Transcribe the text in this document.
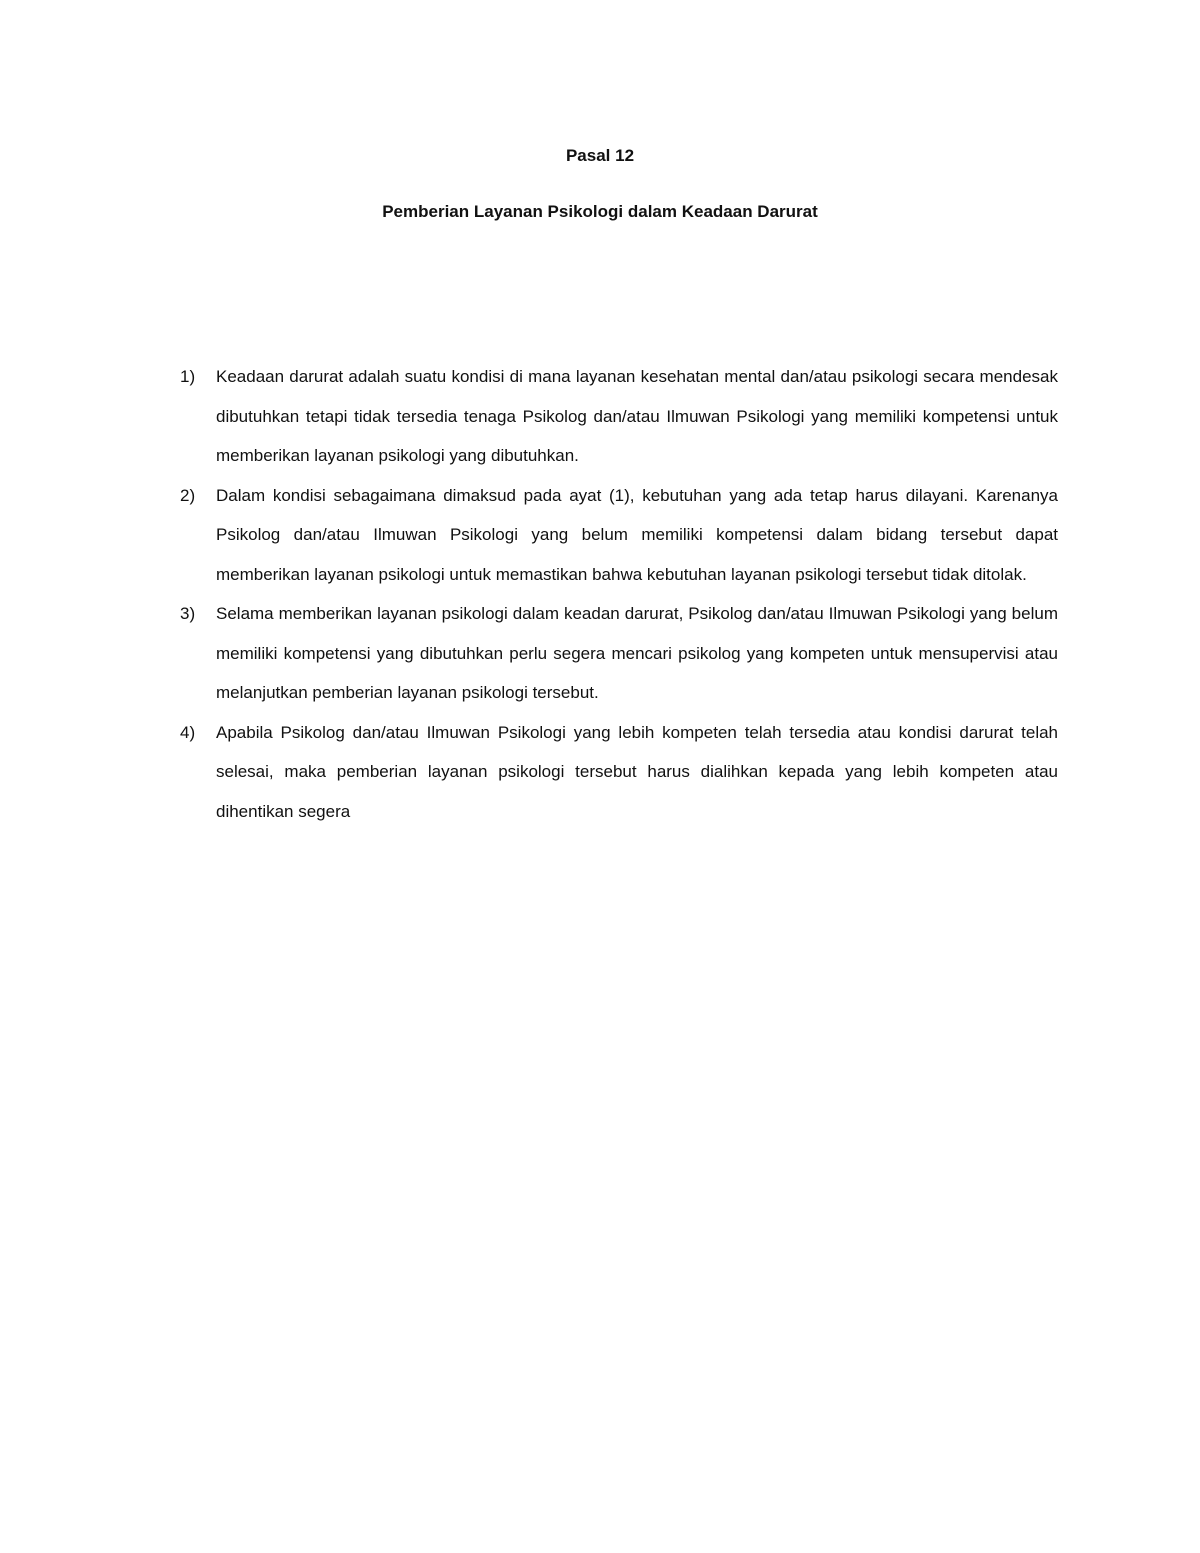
Pasal 12
Pemberian Layanan Psikologi dalam Keadaan Darurat
1)	Keadaan darurat adalah suatu kondisi di mana layanan kesehatan mental dan/atau psikologi secara mendesak dibutuhkan tetapi tidak tersedia tenaga Psikolog dan/atau Ilmuwan Psikologi yang memiliki kompetensi untuk memberikan layanan psikologi yang dibutuhkan.
2)	Dalam kondisi sebagaimana dimaksud pada ayat (1), kebutuhan yang ada tetap harus dilayani. Karenanya Psikolog dan/atau Ilmuwan Psikologi yang belum memiliki kompetensi dalam bidang tersebut dapat memberikan layanan psikologi untuk memastikan bahwa kebutuhan layanan psikologi tersebut tidak ditolak.
3)	Selama memberikan layanan psikologi dalam keadan darurat, Psikolog dan/atau Ilmuwan Psikologi yang belum memiliki kompetensi yang dibutuhkan perlu segera mencari psikolog yang kompeten untuk mensupervisi atau melanjutkan pemberian layanan psikologi tersebut.
4)	Apabila Psikolog dan/atau Ilmuwan Psikologi yang lebih kompeten telah tersedia atau kondisi darurat telah selesai, maka pemberian layanan psikologi tersebut harus dialihkan kepada yang lebih kompeten atau dihentikan segera
